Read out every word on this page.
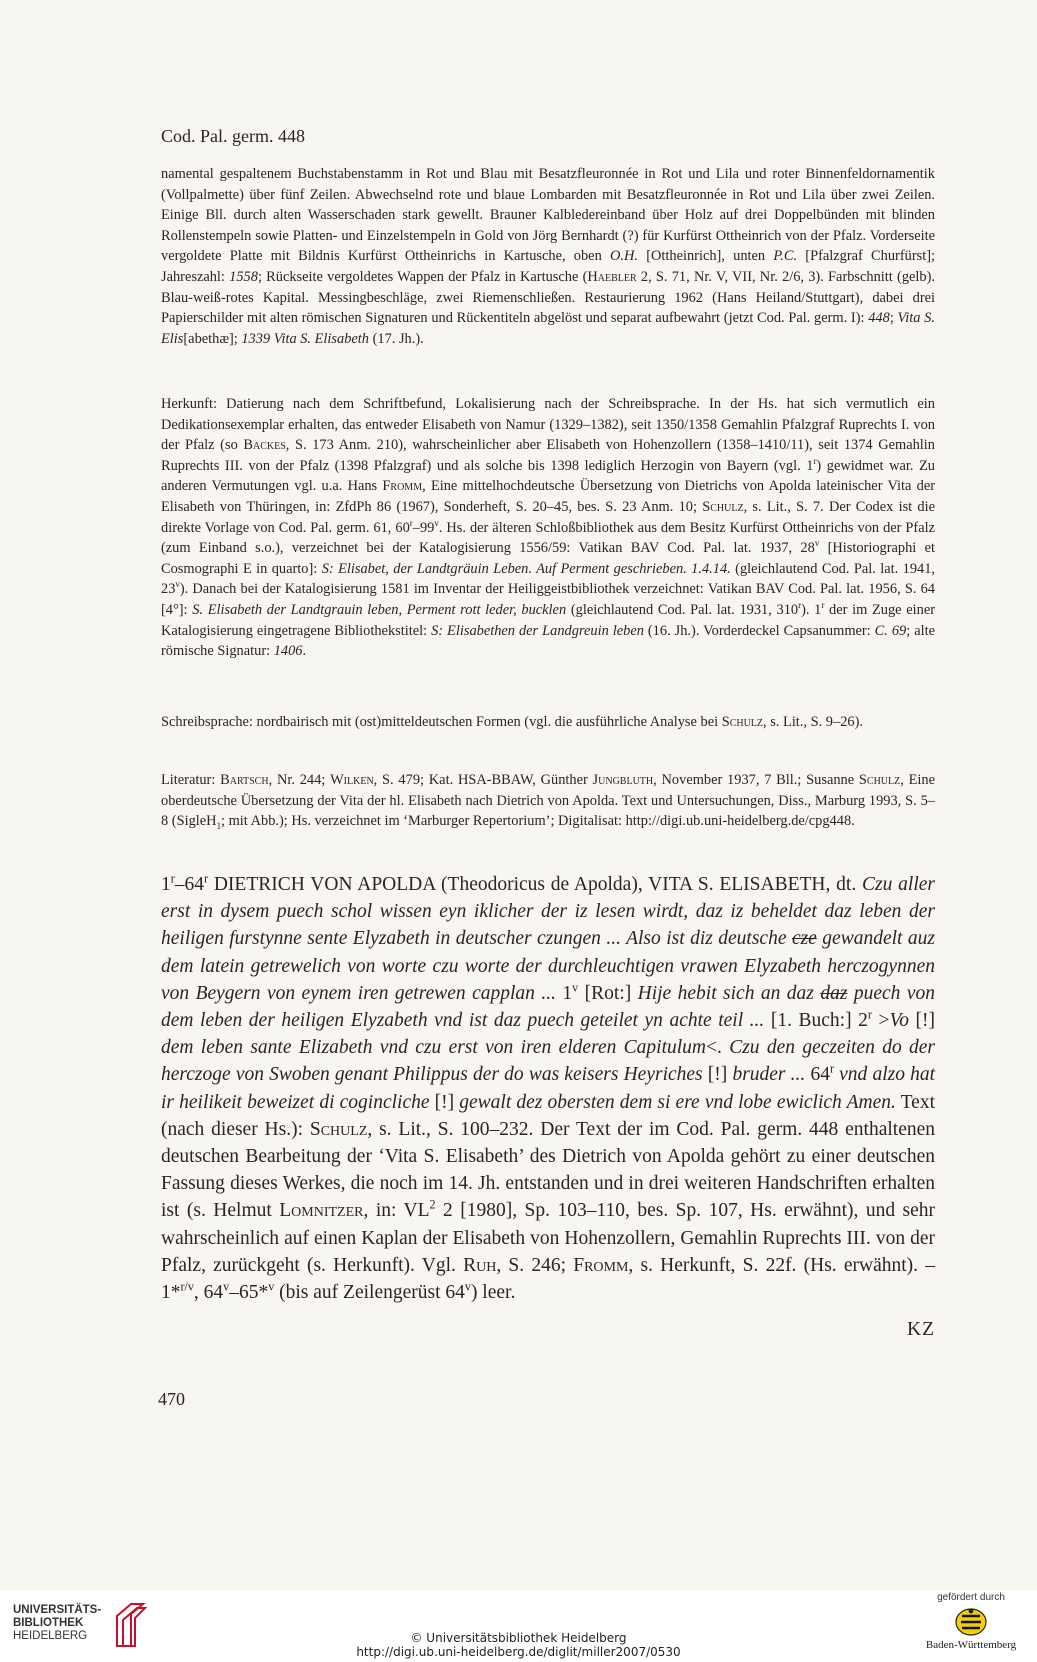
Cod. Pal. germ. 448

namental gespaltenem Buchstabenstamm in Rot und Blau mit Besatzfleuronnée in Rot und Lila und roter Binnenfeldornamentik (Vollpalmette) über fünf Zeilen. Abwechselnd rote und blaue Lombarden mit Besatzfleuronnée in Rot und Lila über zwei Zeilen. Einige Bll. durch alten Wasserschaden stark gewellt. Brauner Kalbledereinband über Holz auf drei Doppelbünden mit blinden Rollenstempeln sowie Platten- und Einzelstempeln in Gold von Jörg Bernhardt (?) für Kurfürst Ottheinrich von der Pfalz. Vorderseite vergoldete Platte mit Bildnis Kurfürst Ottheinrichs in Kartusche, oben O.H. [Ottheinrich], unten P.C. [Pfalzgraf Churfürst]; Jahreszahl: 1558; Rückseite vergoldetes Wappen der Pfalz in Kartusche (Haebler 2, S. 71, Nr. V, VII, Nr. 2/6, 3). Farbschnitt (gelb). Blau-weiß-rotes Kapital. Messingbeschläge, zwei Riemenschließen. Restaurierung 1962 (Hans Heiland/Stuttgart), dabei drei Papierschilder mit alten römischen Signaturen und Rückentiteln abgelöst und separat aufbewahrt (jetzt Cod. Pal. germ. I): 448; Vita S. Elis[abethæ]; 1339 Vita S. Elisabeth (17. Jh.).

Herkunft: Datierung nach dem Schriftbefund, Lokalisierung nach der Schreibsprache. In der Hs. hat sich vermutlich ein Dedikationsexemplar erhalten, das entweder Elisabeth von Namur (1329–1382), seit 1350/1358 Gemahlin Pfalzgraf Ruprechts I. von der Pfalz (so Backes, S. 173 Anm. 210), wahrscheinlicher aber Elisabeth von Hohenzollern (1358–1410/11), seit 1374 Gemahlin Ruprechts III. von der Pfalz (1398 Pfalzgraf) und als solche bis 1398 lediglich Herzogin von Bayern (vgl. 1$^r$) gewidmet war. Zu anderen Vermutungen vgl. u.a. Hans Fromm, Eine mittelhochdeutsche Übersetzung von Dietrichs von Apolda lateinischer Vita der Elisabeth von Thüringen, in: ZfdPh 86 (1967), Sonderheft, S. 20–45, bes. S. 23 Anm. 10; Schulz, s. Lit., S. 7. Der Codex ist die direkte Vorlage von Cod. Pal. germ. 61, 60$^r$–99$^v$. Hs. der älteren Schloßbibliothek aus dem Besitz Kurfürst Ottheinrichs von der Pfalz (zum Einband s.o.), verzeichnet bei der Katalogisierung 1556/59: Vatikan BAV Cod. Pal. lat. 1937, 28$^v$ [Historiographi et Cosmographi E in quarto]: S: Elisabet, der Landtgräuin Leben. Auf Perment geschrieben. 1.4.14. (gleichlautend Cod. Pal. lat. 1941, 23$^v$). Danach bei der Katalogisierung 1581 im Inventar der Heiliggeistbibliothek verzeichnet: Vatikan BAV Cod. Pal. lat. 1956, S. 64 [4°]: S. Elisabeth der Landtgrauin leben, Perment rott leder, bucklen (gleichlautend Cod. Pal. lat. 1931, 310$^r$). 1$^r$ der im Zuge einer Katalogisierung eingetragene Bibliothekstitel: S: Elisabethen der Landgreuin leben (16. Jh.). Vorderdeckel Capsanummer: C. 69; alte römische Signatur: 1406.

Schreibsprache: nordbairisch mit (ost)mitteldeutschen Formen (vgl. die ausführliche Analyse bei Schulz, s. Lit., S. 9–26).

Literatur: Bartsch, Nr. 244; Wilken, S. 479; Kat. HSA-BBAW, Günther Jungbluth, November 1937, 7 Bll.; Susanne Schulz, Eine oberdeutsche Übersetzung der Vita der hl. Elisabeth nach Dietrich von Apolda. Text und Untersuchungen, Diss., Marburg 1993, S. 5–8 (SigleH$_1$; mit Abb.); Hs. verzeichnet im ‘Marburger Repertorium’; Digitalisat: http://digi.ub.uni-heidelberg.de/cpg448.

1$^r$–64$^r$ DIETRICH VON APOLDA (Theodoricus de Apolda), VITA S. ELISABETH, dt. Czu aller erst in dysem puech schol wissen eyn iklicher der iz lesen wirdt, daz iz beheldet daz leben der heiligen furstynne sente Elyzabeth in deutscher czungen ... Also ist diz deutsche cze gewandelt auz dem latein getrewelich von worte czu worte der durchleuchtigen vrawen Elyzabeth herczogynnen von Beygern von eynem iren getrewen capplan ... 1$^v$ [Rot:] Hije hebit sich an daz daz puech von dem leben der heiligen Elyzabeth vnd ist daz puech geteilet yn achte teil ... [1. Buch:] $2^r >Vo$ [!] dem leben sante Elizabeth vnd czu erst von iren elderen Capitulum<. Czu den geczeiten do der herczoge von Swoben genant Philippus der do was keisers Heyriches [!] bruder ... 64$^r$ vnd alzo hat ir heilikeit beweizet di cogincliche [!] gewalt dez obersten dem si ere vnd lobe ewiclich Amen. Text (nach dieser Hs.): Schulz, s. Lit., S. 100–232. Der Text der im Cod. Pal. germ. 448 enthaltenen deutschen Bearbeitung der ‘Vita S. Elisabeth’ des Dietrich von Apolda gehört zu einer deutschen Fassung dieses Werkes, die noch im 14. Jh. entstanden und in drei weiteren Handschriften erhalten ist (s. Helmut Lomnitzer, in: $VL^2$ 2 [1980], Sp. 103–110, bes. Sp. 107, Hs. erwähnt), und sehr wahrscheinlich auf einen Kaplan der Elisabeth von Hohenzollern, Gemahlin Ruprechts III. von der Pfalz, zurückgeht (s. Herkunft). Vgl. Ruh, S. 246; Fromm, s. Herkunft, S. 22f. (Hs. erwähnt). – 1*$^{r/v}$, 64$^v$–65*$^v$ (bis auf Zeilengerüst 64$^v$) leer.

KZ
470
UNIVERSITÄTS-
BIBLIOTHEK
HEIDELBERG	© Universitätsbibliothek Heidelberg
http://digi.ub.uni-heidelberg.de/diglit/miller2007/0530
gefördert durch
Baden-Württemberg
